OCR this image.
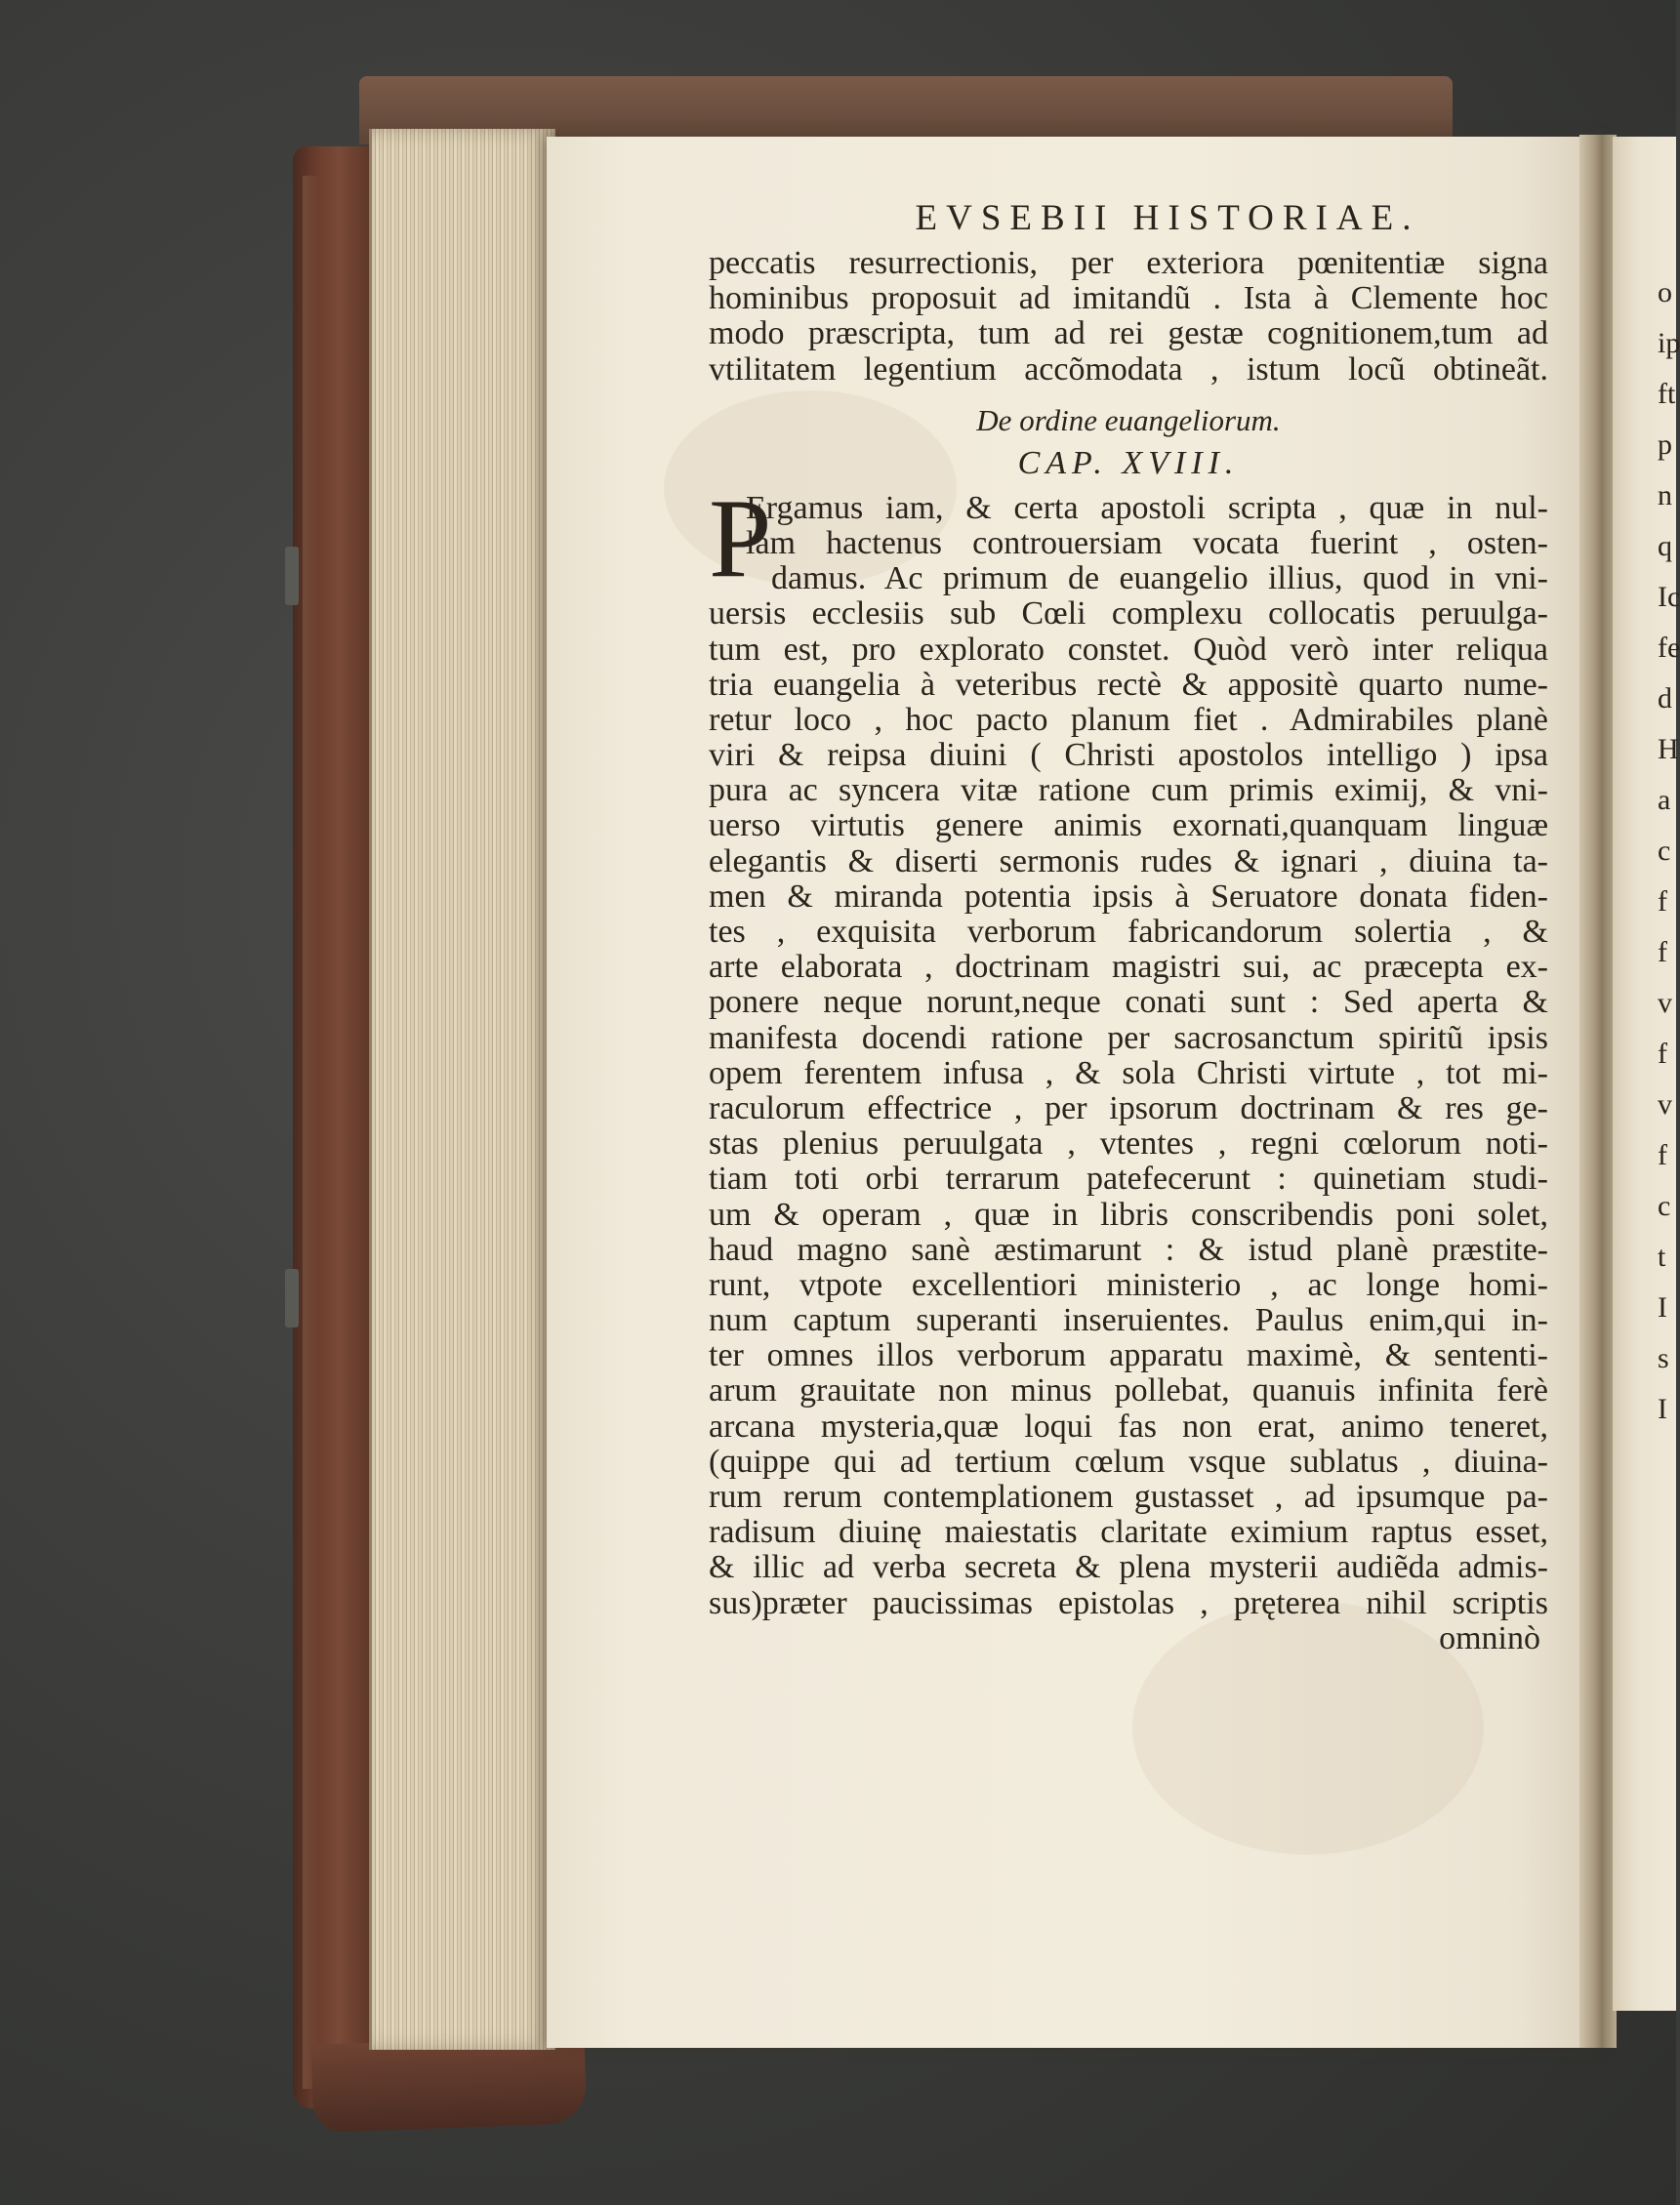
o
ip
ft
p
n
q
Ic
fe
d
H
a
c
f
f
v
f
v
f
c
t
I
s
I
EVSEBII HISTORIAE.
peccatis resurrectionis, per exteriora pœnitentiæ signa
hominibus proposuit ad imitandũ . Ista à Clemente hoc
modo præscripta, tum ad rei gestæ cognitionem,tum ad
vtilitatem legentium accõmodata , istum locũ obtineãt.
De ordine euangeliorum.
CAP. XVIII.
P
Ergamus iam, & certa apostoli scripta , quæ in nul-
lam hactenus controuersiam vocata fuerint , osten-
damus. Ac primum de euangelio illius, quod in vni-
uersis ecclesiis sub Cœli complexu collocatis peruulga-
tum est, pro explorato constet. Quòd verò inter reliqua
tria euangelia à veteribus rectè & appositè quarto nume-
retur loco , hoc pacto planum fiet . Admirabiles planè
viri & reipsa diuini ( Christi apostolos intelligo ) ipsa
pura ac syncera vitæ ratione cum primis eximij, & vni-
uerso virtutis genere animis exornati,quanquam linguæ
elegantis & diserti sermonis rudes & ignari , diuina ta-
men & miranda potentia ipsis à Seruatore donata fiden-
tes , exquisita verborum fabricandorum solertia , &
arte elaborata , doctrinam magistri sui, ac præcepta ex-
ponere neque norunt,neque conati sunt : Sed aperta &
manifesta docendi ratione per sacrosanctum spiritũ ipsis
opem ferentem infusa , & sola Christi virtute , tot mi-
raculorum effectrice , per ipsorum doctrinam & res ge-
stas plenius peruulgata , vtentes , regni cœlorum noti-
tiam toti orbi terrarum patefecerunt : quinetiam studi-
um & operam , quæ in libris conscribendis poni solet,
haud magno sanè æstimarunt : & istud planè præstite-
runt, vtpote excellentiori ministerio , ac longe homi-
num captum superanti inseruientes. Paulus enim,qui in-
ter omnes illos verborum apparatu maximè, & sententi-
arum grauitate non minus pollebat, quanuis infinita ferè
arcana mysteria,quæ loqui fas non erat, animo teneret,
(quippe qui ad tertium cœlum vsque sublatus , diuina-
rum rerum contemplationem gustasset , ad ipsumque pa-
radisum diuinę maiestatis claritate eximium raptus esset,
& illic ad verba secreta & plena mysterii audiẽda admis-
sus)præter paucissimas epistolas , pręterea nihil scriptis
omninò
